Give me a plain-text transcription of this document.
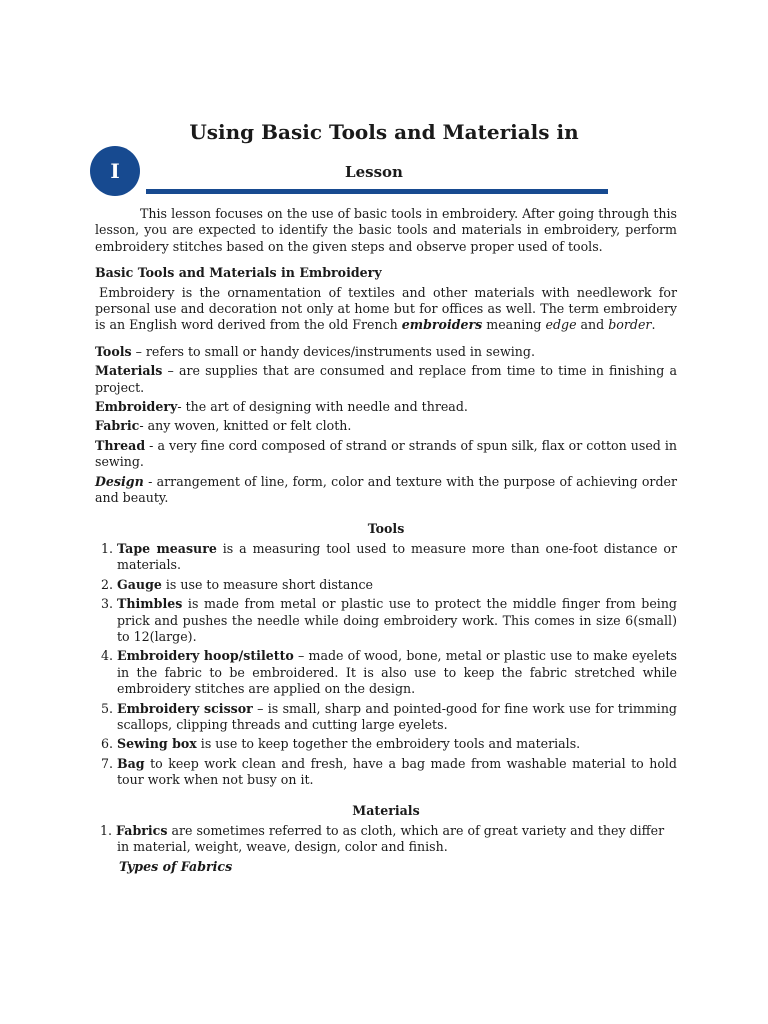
Using Basic Tools and Materials in
I	Lesson

This lesson focuses on the use of basic tools in embroidery. After going through this lesson, you are expected to identify the basic tools and materials in embroidery, perform embroidery stitches based on the given steps and observe proper used of tools.

Basic Tools and Materials in Embroidery

Embroidery is the ornamentation of textiles and other materials with needlework for personal use and decoration not only at home but for offices as well. The term embroidery is an English word derived from the old French embroiders meaning edge and border.

Tools – refers to small or handy devices/instruments used in sewing.

Materials – are supplies that are consumed and replace from time to time in finishing a project.

Embroidery- the art of designing with needle and thread.

Fabric- any woven, knitted or felt cloth.

Thread - a very fine cord composed of strand or strands of spun silk, flax or cotton used in sewing.

Design - arrangement of line, form, color and texture with the purpose of achieving order and beauty.

Tools
1. Tape measure is a measuring tool used to measure more than one-foot distance or materials.
2. Gauge is use to measure short distance
3. Thimbles is made from metal or plastic use to protect the middle finger from being prick and pushes the needle while doing embroidery work. This comes in size 6(small) to 12(large).
4. Embroidery hoop/stiletto – made of wood, bone, metal or plastic use to make eyelets in the fabric to be embroidered. It is also use to keep the fabric stretched while embroidery stitches are applied on the design.
5. Embroidery scissor – is small, sharp and pointed-good for fine work use for trimming scallops, clipping threads and cutting large eyelets.
6. Sewing box is use to keep together the embroidery tools and materials.
7. Bag to keep work clean and fresh, have a bag made from washable material to hold tour work when not busy on it.
Materials

1. Fabrics are sometimes referred to as cloth, which are of great variety and they differ in material, weight, weave, design, color and finish.

Types of Fabrics
